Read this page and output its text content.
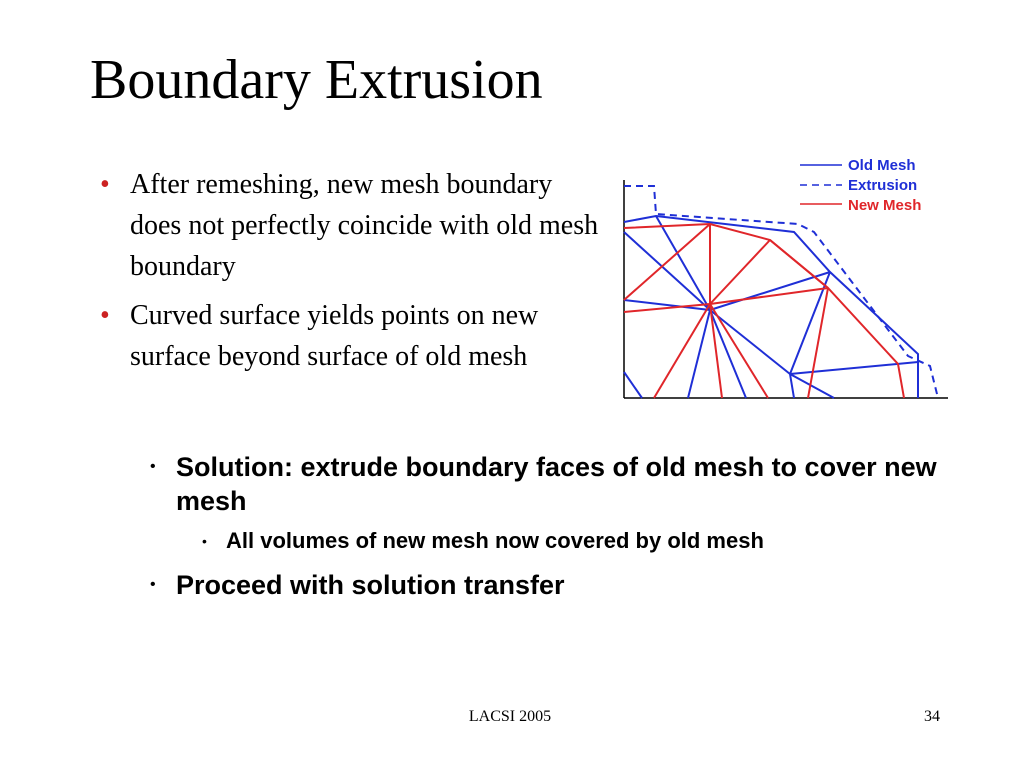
Boundary Extrusion
• After remeshing, new mesh boundary does not perfectly coincide with old mesh boundary
• Curved surface yields points on new surface beyond surface of old mesh
Old Mesh
Extrusion
New Mesh
• Solution: extrude boundary faces of old mesh to cover new mesh
• All volumes of new mesh now covered by old mesh
• Proceed with solution transfer
LACSI 2005	34
